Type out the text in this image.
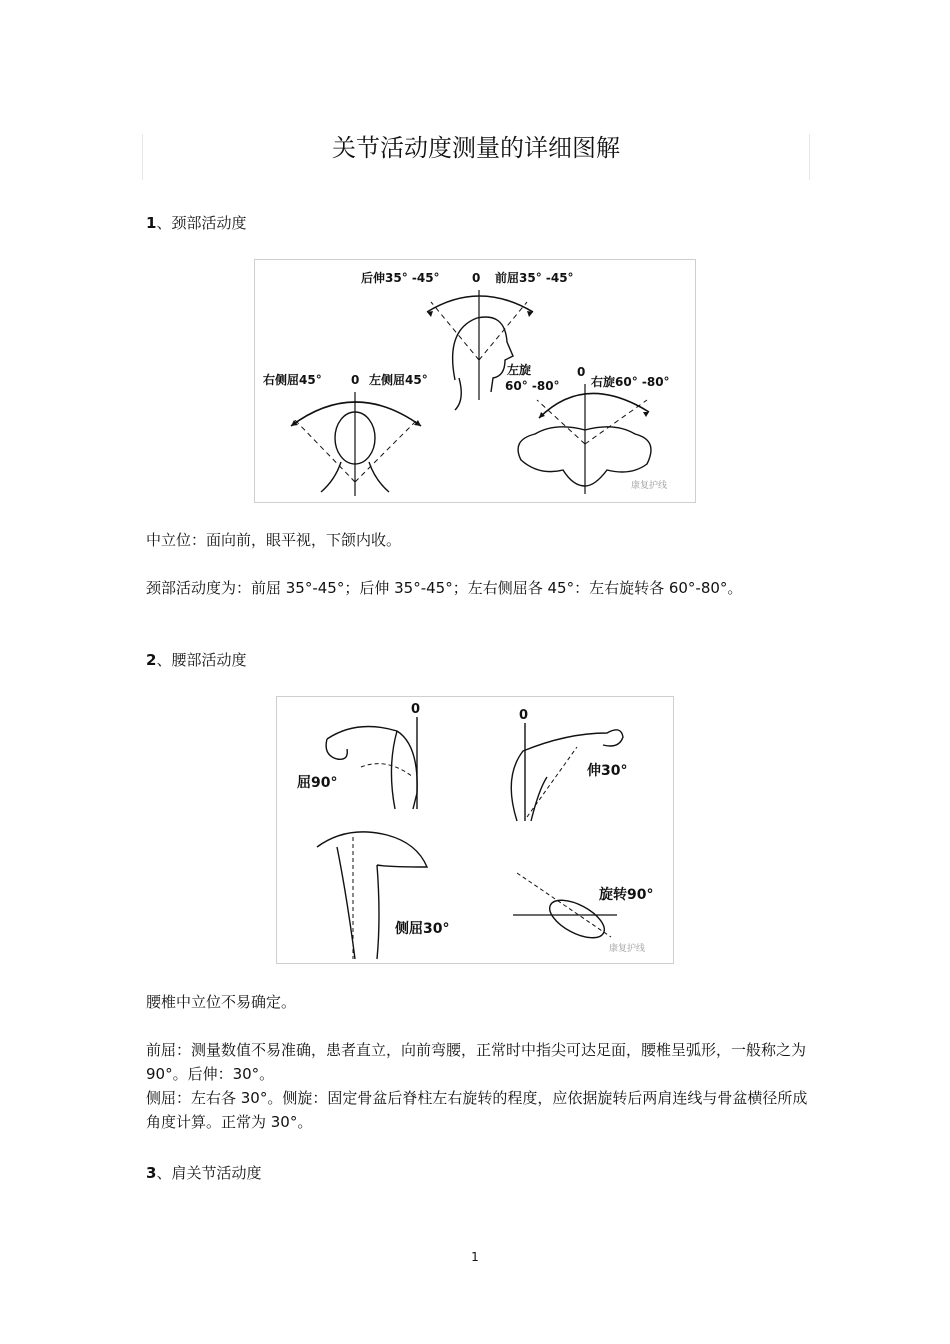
关节活动度测量的详细图解
1、颈部活动度
后伸35° -45°	0 前屈35° -45°
右侧屈45° 0 左侧屈45°
左旋
60° -80°
0
右旋60° -80°
康复护线

中立位：面向前，眼平视，下颌内收。

颈部活动度为：前屈 35°-45°；后伸 35°-45°；左右侧屈各 45°：左右旋转各 60°-80°。

2、腰部活动度
0
屈90°
0
伸30°
侧屈30°
旋转90°
康复护线

腰椎中立位不易确定。

前屈：测量数值不易准确，患者直立，向前弯腰，正常时中指尖可达足面，腰椎呈弧形，一般称之为 90°。后伸：30°。

侧屈：左右各 30°。侧旋：固定骨盆后脊柱左右旋转的程度，应依据旋转后两肩连线与骨盆横径所成角度计算。正常为 30°。

3、肩关节活动度
1
